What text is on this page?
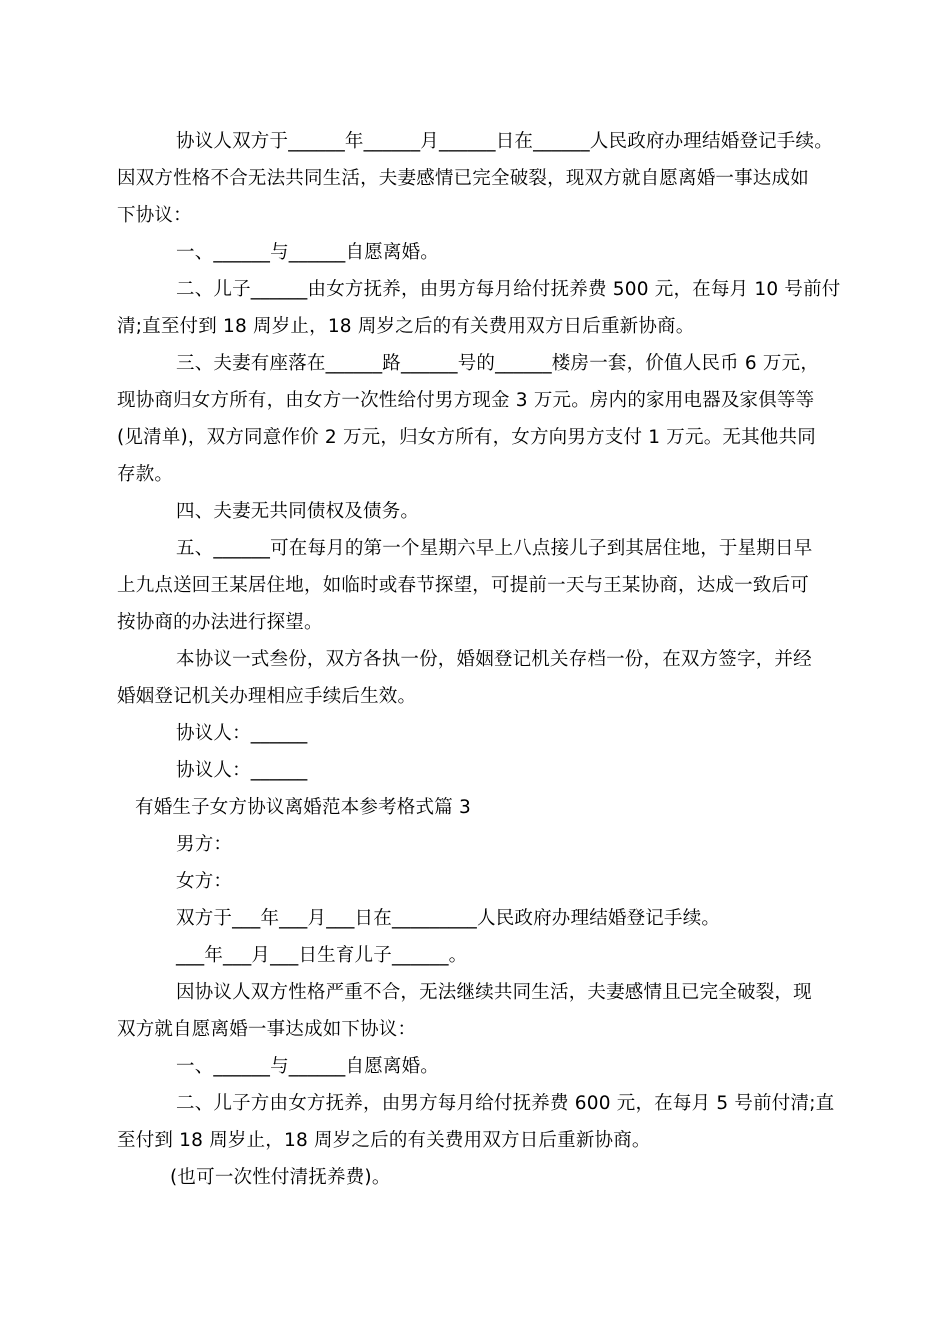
协议人双方于______年______月______日在______人民政府办理结婚登记手续。
因双方性格不合无法共同生活，夫妻感情已完全破裂，现双方就自愿离婚一事达成如
下协议：
一、______与______自愿离婚。
二、儿子______由女方抚养，由男方每月给付抚养费 500 元，在每月 10 号前付
清;直至付到 18 周岁止，18 周岁之后的有关费用双方日后重新协商。
三、夫妻有座落在______路______号的______楼房一套，价值人民币 6 万元，
现协商归女方所有，由女方一次性给付男方现金 3 万元。房内的家用电器及家俱等等
(见清单)，双方同意作价 2 万元，归女方所有，女方向男方支付 1 万元。无其他共同
存款。
四、夫妻无共同债权及债务。
五、______可在每月的第一个星期六早上八点接儿子到其居住地，于星期日早
上九点送回王某居住地，如临时或春节探望，可提前一天与王某协商，达成一致后可
按协商的办法进行探望。
本协议一式叁份，双方各执一份，婚姻登记机关存档一份，在双方签字，并经
婚姻登记机关办理相应手续后生效。
协议人：______
协议人：______
有婚生子女方协议离婚范本参考格式篇 3
男方：
女方：
双方于___年___月___日在_________人民政府办理结婚登记手续。
___年___月___日生育儿子______。
因协议人双方性格严重不合，无法继续共同生活，夫妻感情且已完全破裂，现
双方就自愿离婚一事达成如下协议：
一、______与______自愿离婚。
二、儿子方由女方抚养，由男方每月给付抚养费 600 元，在每月 5 号前付清;直
至付到 18 周岁止，18 周岁之后的有关费用双方日后重新协商。
(也可一次性付清抚养费)。
